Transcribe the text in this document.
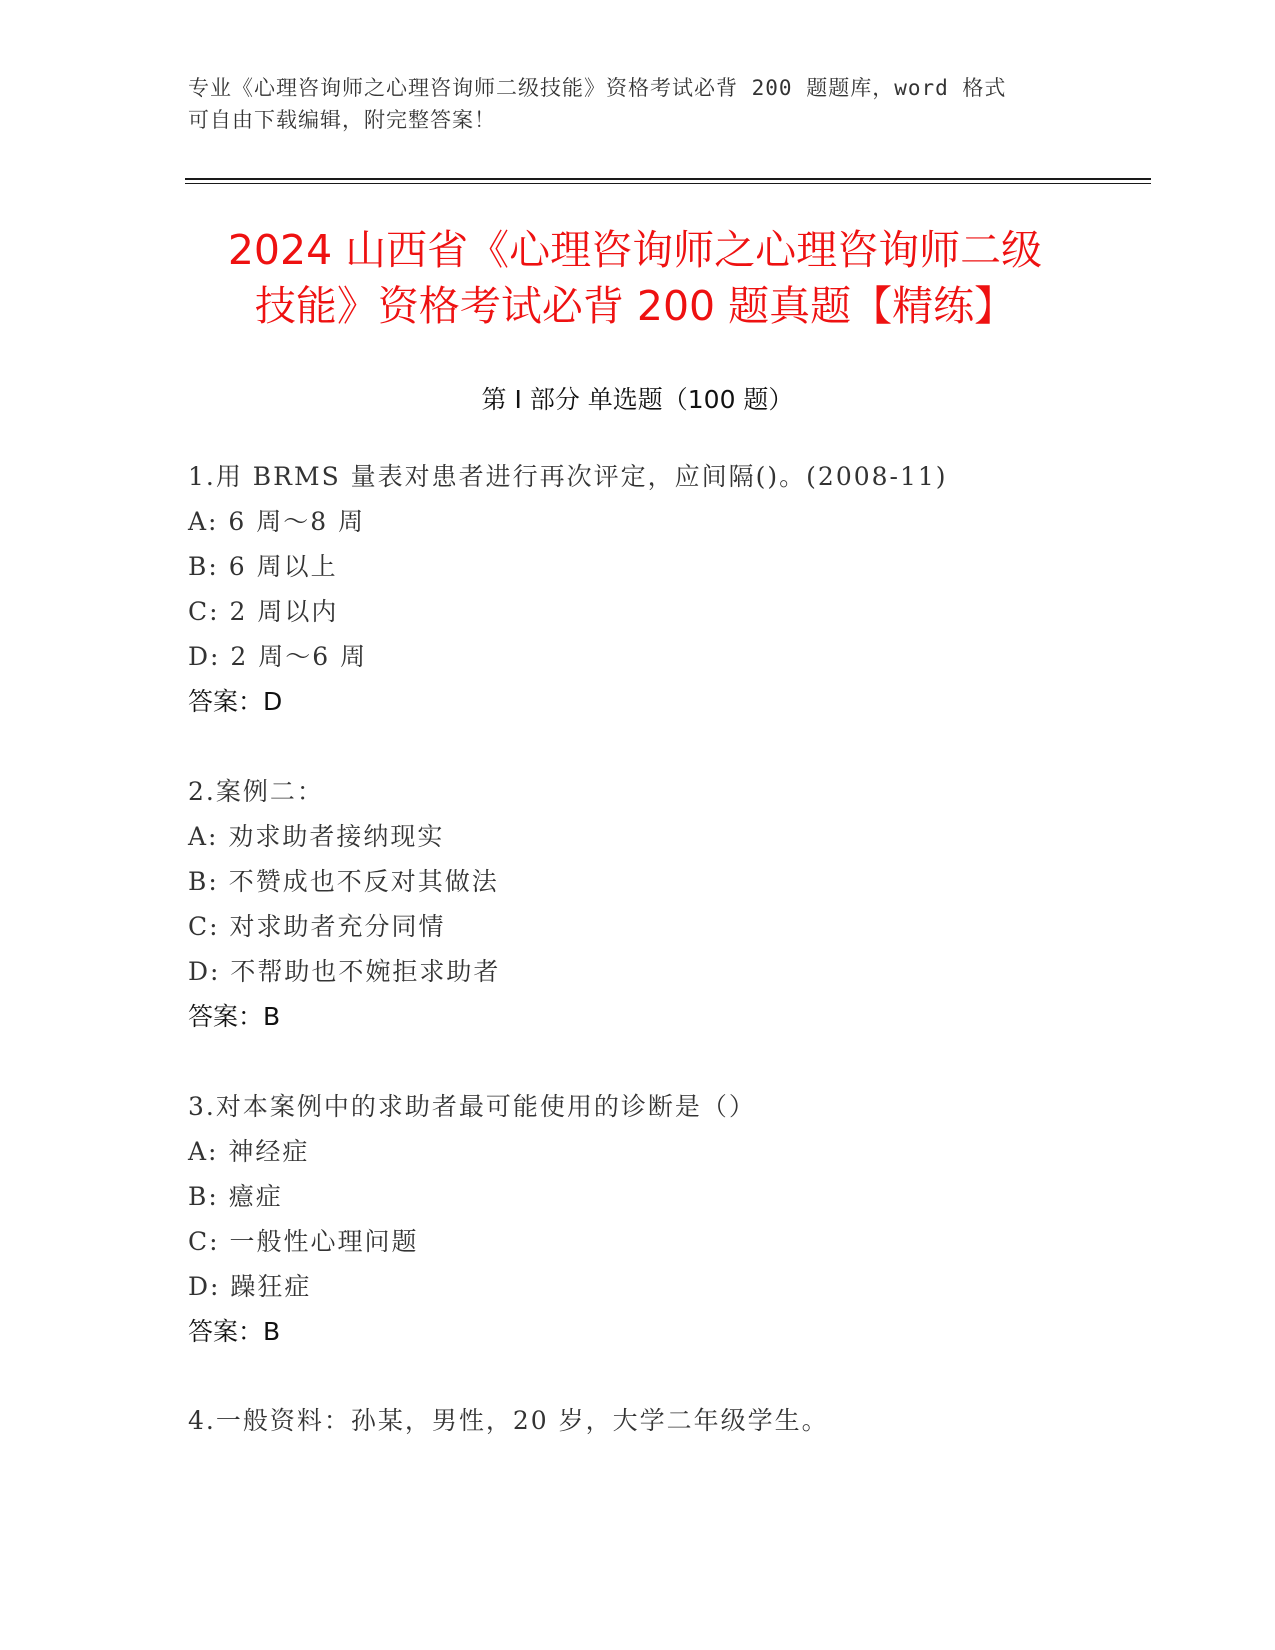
专业《心理咨询师之心理咨询师二级技能》资格考试必背 200 题题库，word 格式
可自由下载编辑，附完整答案！
2024 山西省《心理咨询师之心理咨询师二级
技能》资格考试必背 200 题真题【精练】
第 I 部分 单选题（100 题）
1.用 BRMS 量表对患者进行再次评定，应间隔()。(2008-11)
A: 6 周～8 周
B: 6 周以上
C: 2 周以内
D: 2 周～6 周
答案：D
2.案例二：
A: 劝求助者接纳现实
B: 不赞成也不反对其做法
C: 对求助者充分同情
D: 不帮助也不婉拒求助者
答案：B
3.对本案例中的求助者最可能使用的诊断是（）
A: 神经症
B: 癔症
C: 一般性心理问题
D: 躁狂症
答案：B
4.一般资料：孙某，男性，20 岁，大学二年级学生。
